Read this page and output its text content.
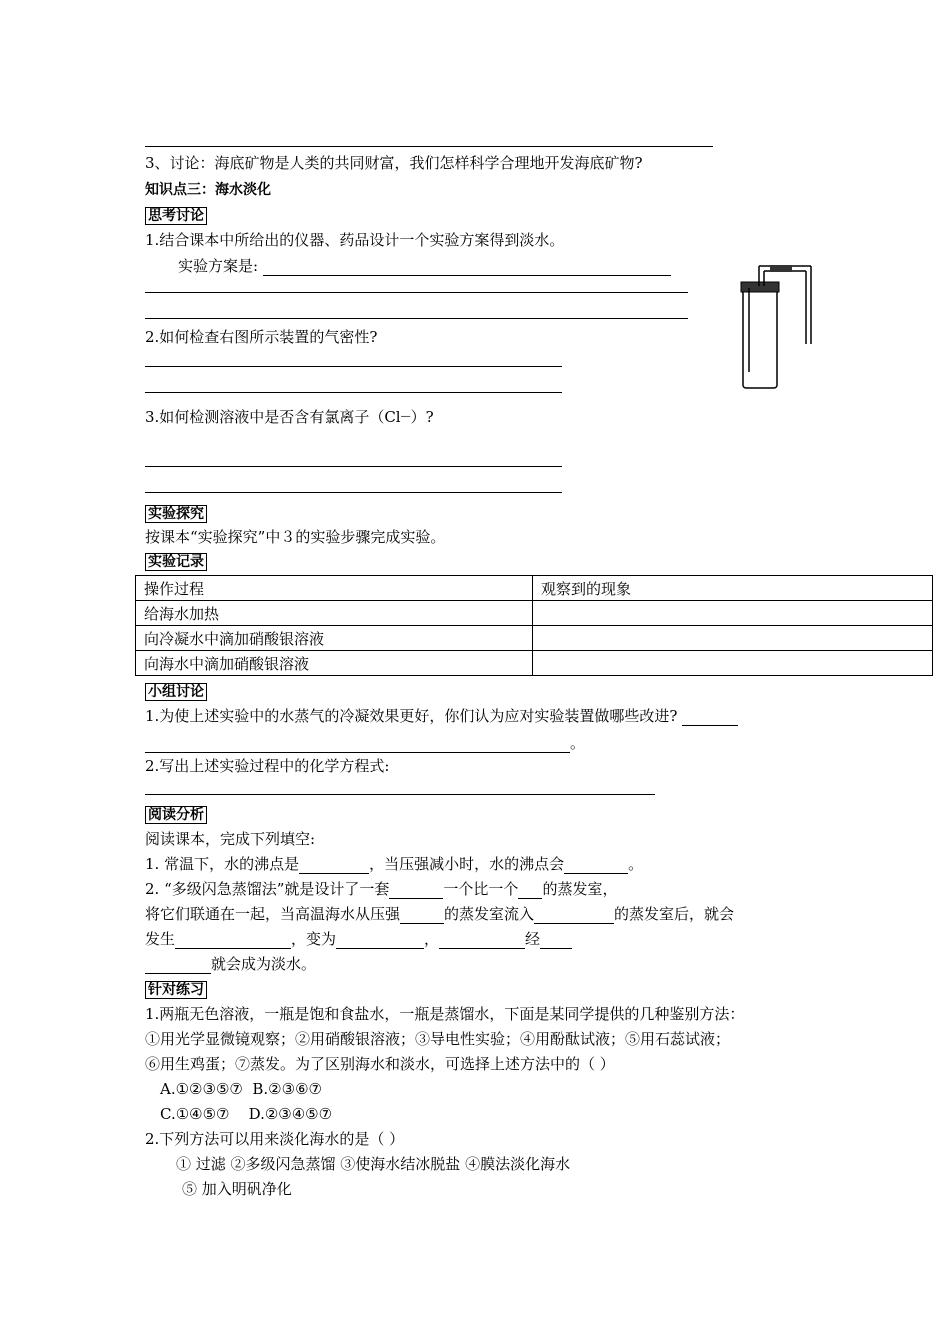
3、讨论：海底矿物是人类的共同财富，我们怎样科学合理地开发海底矿物?
知识点三：海水淡化
思考讨论
1.结合课本中所给出的仪器、药品设计一个实验方案得到淡水。
实验方案是:
2.如何检查右图所示装置的气密性?
3.如何检测溶液中是否含有氯离子（Cl—）?
实验探究
按课本“实验探究”中３的实验步骤完成实验。
实验记录
操作过程	观察到的现象
给海水加热	
向冷凝水中滴加硝酸银溶液	
向海水中滴加硝酸银溶液	
小组讨论
1.为使上述实验中的水蒸气的冷凝效果更好，你们认为应对实验装置做哪些改进?
。
2.写出上述实验过程中的化学方程式:
阅读分析
阅读课本，完成下列填空:
1. 常温下，水的沸点是	，当压强减小时，水的沸点会	。
2. “多级闪急蒸馏法”就是设计了一套	一个比一个 的蒸发室，
将它们联通在一起，当高温海水从压强	的蒸发室流入	的蒸发室后，就会
发生	，变为	，	经
就会成为淡水。
针对练习
1.两瓶无色溶液，一瓶是饱和食盐水，一瓶是蒸馏水，下面是某同学提供的几种鉴别方法：
①用光学显微镜观察；②用硝酸银溶液；③导电性实验；④用酚酞试液；⑤用石蕊试液；
⑥用生鸡蛋；⑦蒸发。为了区别海水和淡水，可选择上述方法中的（ ）
A.①②③⑤⑦ B.②③⑥⑦
C.①④⑤⑦ D.②③④⑤⑦
2.下列方法可以用来淡化海水的是（ ）
① 过滤 ②多级闪急蒸馏 ③使海水结冰脱盐 ④膜法淡化海水
⑤ 加入明矾净化
